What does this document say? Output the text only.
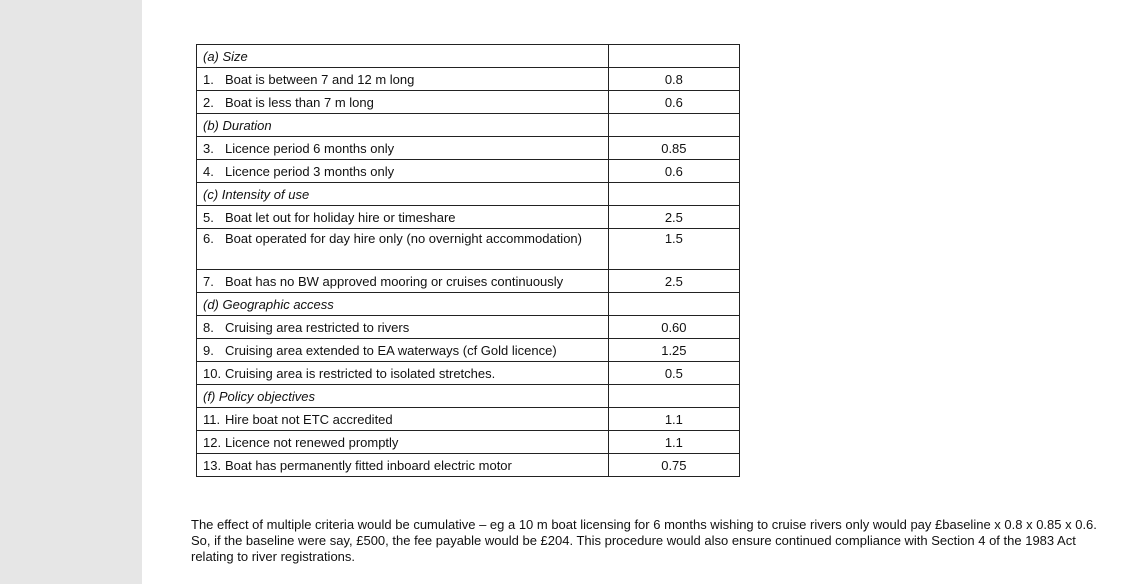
(a) Size	
1. Boat is between 7 and 12 m long	0.8
2. Boat is less than 7 m long	0.6
(b) Duration	
3. Licence period 6 months only	0.85
4. Licence period 3 months only	0.6
(c) Intensity of use	
5. Boat let out for holiday hire or timeshare	2.5
6. Boat operated for day hire only (no overnight accommodation)	1.5
7. Boat has no BW approved mooring or cruises continuously	2.5
(d) Geographic access	
8. Cruising area restricted to rivers	0.60
9. Cruising area extended to EA waterways (cf Gold licence)	1.25
10. Cruising area is restricted to isolated stretches.	0.5
(f) Policy objectives	
11. Hire boat not ETC accredited	1.1
12. Licence not renewed promptly	1.1
13. Boat has permanently fitted inboard electric motor	0.75

The effect of multiple criteria would be cumulative – eg a 10 m boat licensing for 6 months wishing to cruise rivers only would pay £baseline x 0.8 x 0.85 x 0.6. So, if the baseline were say, £500, the fee payable would be £204. This procedure would also ensure continued compliance with Section 4 of the 1983 Act relating to river registrations.
